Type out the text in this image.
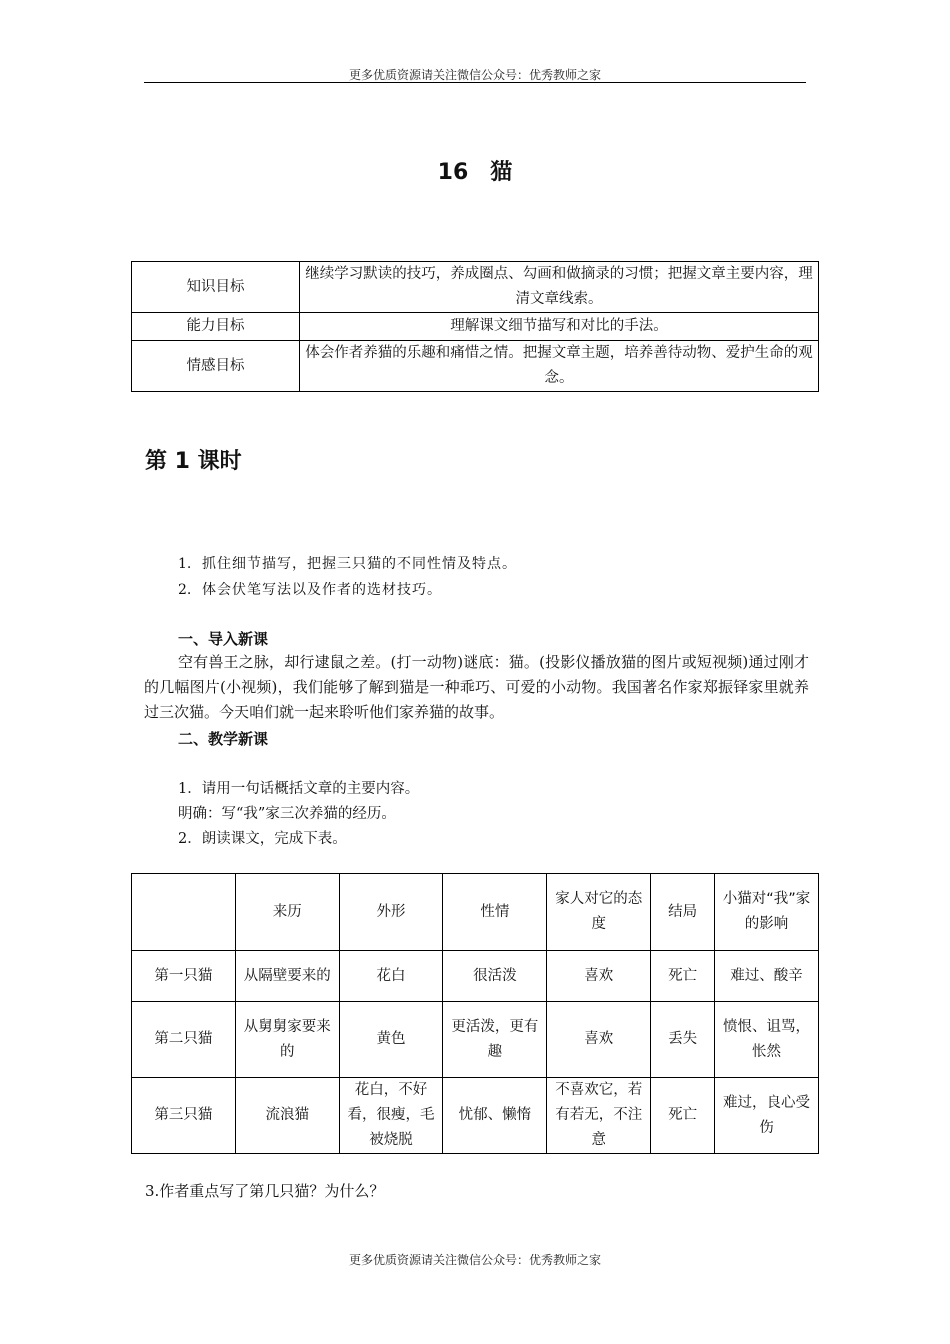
更多优质资源请关注微信公众号：优秀教师之家
16 猫
知识目标	继续学习默读的技巧，养成圈点、勾画和做摘录的习惯；把握文章主要内容，理清文章线索。
能力目标	理解课文细节描写和对比的手法。
情感目标	体会作者养猫的乐趣和痛惜之情。把握文章主题，培养善待动物、爱护生命的观念。
第 1 课时
1. 抓住细节描写，把握三只猫的不同性情及特点。
2. 体会伏笔写法以及作者的选材技巧。
一、导入新课
空有兽王之脉，却行逮鼠之差。(打一动物)谜底：猫。(投影仪播放猫的图片或短视频)通过刚才的几幅图片(小视频)，我们能够了解到猫是一种乖巧、可爱的小动物。我国著名作家郑振铎家里就养过三次猫。今天咱们就一起来聆听他们家养猫的故事。
二、教学新课
1．请用一句话概括文章的主要内容。
明确：写“我”家三次养猫的经历。
2．朗读课文，完成下表。
	来历	外形	性情	家人对它的态度	结局	小猫对“我”家的影响
第一只猫	从隔壁要来的	花白	很活泼	喜欢	死亡	难过、酸辛
第二只猫	从舅舅家要来的	黄色	更活泼，更有趣	喜欢	丢失	愤恨、诅骂，怅然
第三只猫	流浪猫	花白，不好看，很瘦，毛被烧脱	忧郁、懒惰	不喜欢它，若有若无，不注意	死亡	难过，良心受伤
3.作者重点写了第几只猫？为什么？
更多优质资源请关注微信公众号：优秀教师之家
